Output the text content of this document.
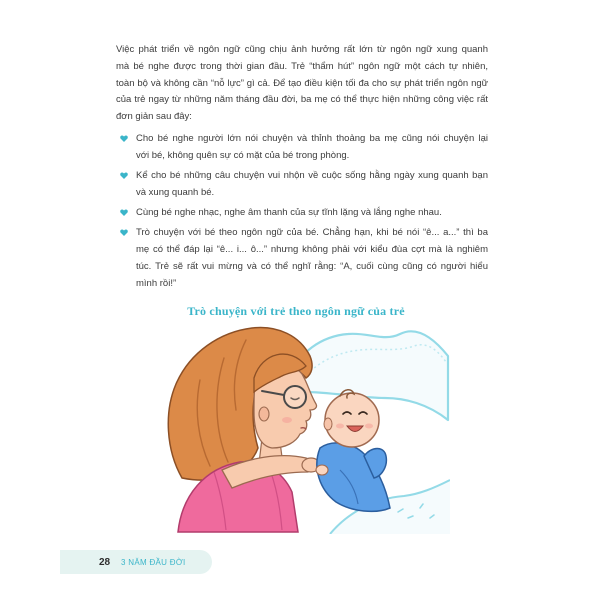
Việc phát triển về ngôn ngữ cũng chịu ảnh hưởng rất lớn từ ngôn ngữ xung quanh
mà bé nghe được trong thời gian đầu. Trẻ “thẩm hút” ngôn ngữ một cách tự nhiên,
toàn bộ và không cần “nỗ lực” gì cả. Để tạo điều kiện tối đa cho sự phát triển ngôn ngữ
của trẻ ngay từ những năm tháng đầu đời, ba mẹ có thể thực hiện những công việc rất
đơn giản sau đây:
Cho bé nghe người lớn nói chuyện và thỉnh thoảng ba mẹ cũng nói chuyện lại
với bé, không quên sự có mặt của bé trong phòng.
Kể cho bé những câu chuyện vui nhộn về cuộc sống hằng ngày xung quanh bạn
và xung quanh bé.
Cùng bé nghe nhạc, nghe âm thanh của sự tĩnh lặng và lắng nghe nhau.
Trò chuyện với bé theo ngôn ngữ của bé. Chẳng hạn, khi bé nói “ê... a...” thì ba
mẹ có thể đáp lại “ê... i... ô...” nhưng không phải với kiểu đùa cợt mà là nghiêm
túc. Trẻ sẽ rất vui mừng và có thể nghĩ rằng: “A, cuối cùng cũng có người hiểu
mình rồi!”
Trò chuyện với trẻ theo ngôn ngữ của trẻ
28 3 NĂM ĐẦU ĐỜI
